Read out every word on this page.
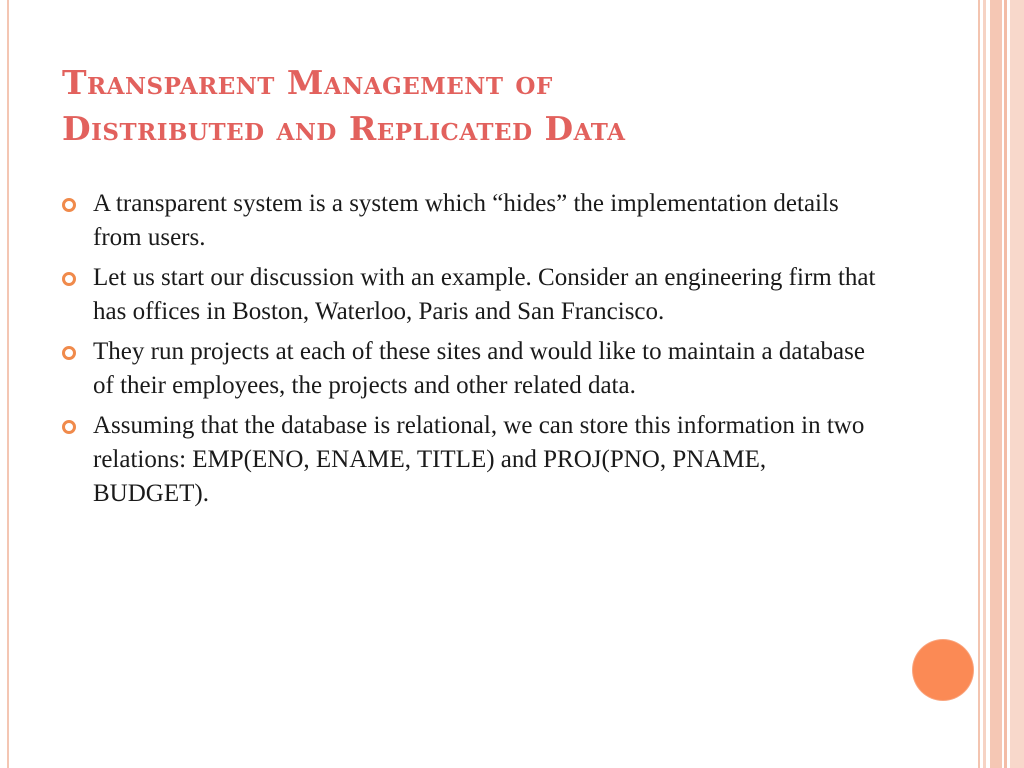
Transparent Management of
Distributed and Replicated Data
A transparent system is a system which “hides” the implementation details from users.
Let us start our discussion with an example. Consider an engineering firm that has offices in Boston, Waterloo, Paris and San Francisco.
They run projects at each of these sites and would like to maintain a database of their employees, the projects and other related data.
Assuming that the database is relational, we can store this information in two relations: EMP(ENO, ENAME, TITLE) and PROJ(PNO, PNAME, BUDGET).
